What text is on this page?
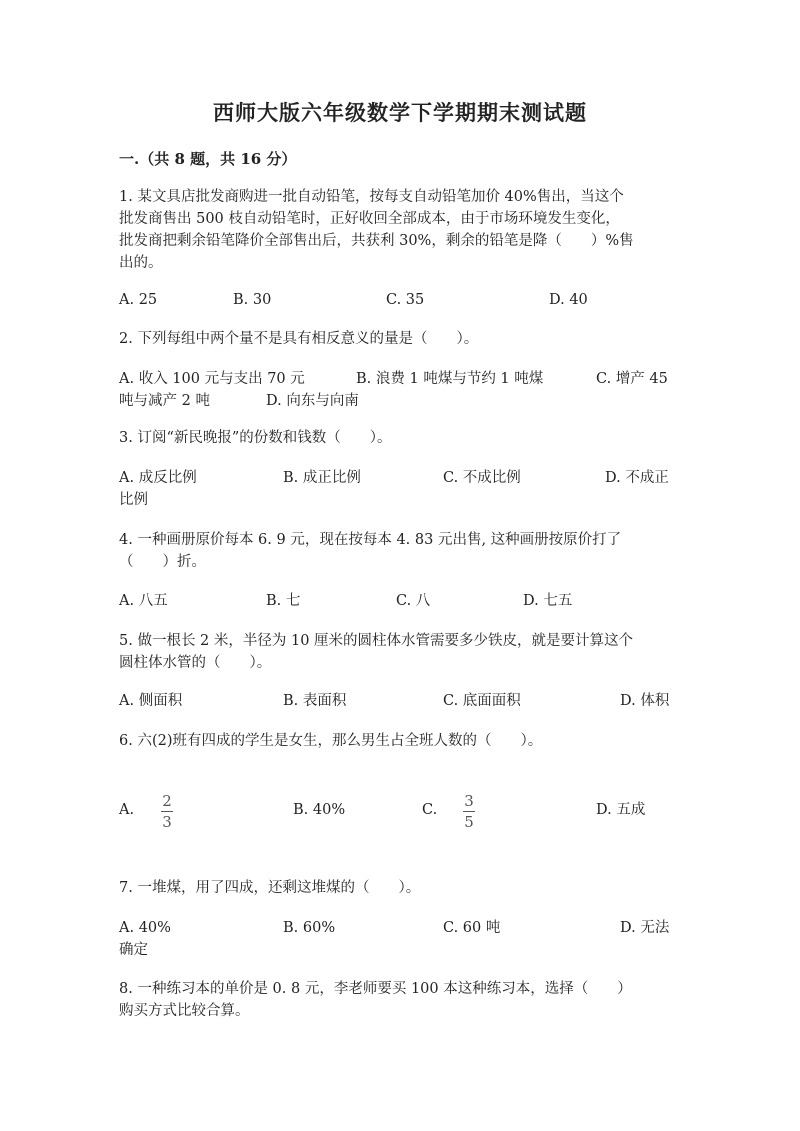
西师大版六年级数学下学期期末测试题
一.（共 8 题，共 16 分）
1. 某文具店批发商购进一批自动铅笔，按每支自动铅笔加价 40%售出，当这个
批发商售出 500 枝自动铅笔时，正好收回全部成本，由于市场环境发生变化，
批发商把剩余铅笔降价全部售出后，共获利 30%，剩余的铅笔是降（　　）%售
出的。
A. 25	B. 30	C. 35	D. 40
2. 下列每组中两个量不是具有相反意义的量是（　　）。
A. 收入 100 元与支出 70 元	B. 浪费 1 吨煤与节约 1 吨煤	C. 增产 45
吨与减产 2 吨	D. 向东与向南
3. 订阅“新民晚报”的份数和钱数（　　）。
A. 成反比例	B. 成正比例	C. 不成比例	D. 不成正
比例
4. 一种画册原价每本 6. 9 元，现在按每本 4. 83 元出售, 这种画册按原价打了
（　　）折。
A. 八五	B. 七	C. 八	D. 七五
5. 做一根长 2 米，半径为 10 厘米的圆柱体水管需要多少铁皮，就是要计算这个
圆柱体水管的（　　）。
A. 侧面积	B. 表面积	C. 底面面积	D. 体积
6. 六(2)班有四成的学生是女生，那么男生占全班人数的（　　）。
A. 2
3
B. 40%	C. 3
5
D. 五成
7. 一堆煤，用了四成，还剩这堆煤的（　　）。
A. 40%	B. 60%	C. 60 吨	D. 无法
确定
8. 一种练习本的单价是 0. 8 元，李老师要买 100 本这种练习本，选择（　　）
购买方式比较合算。
